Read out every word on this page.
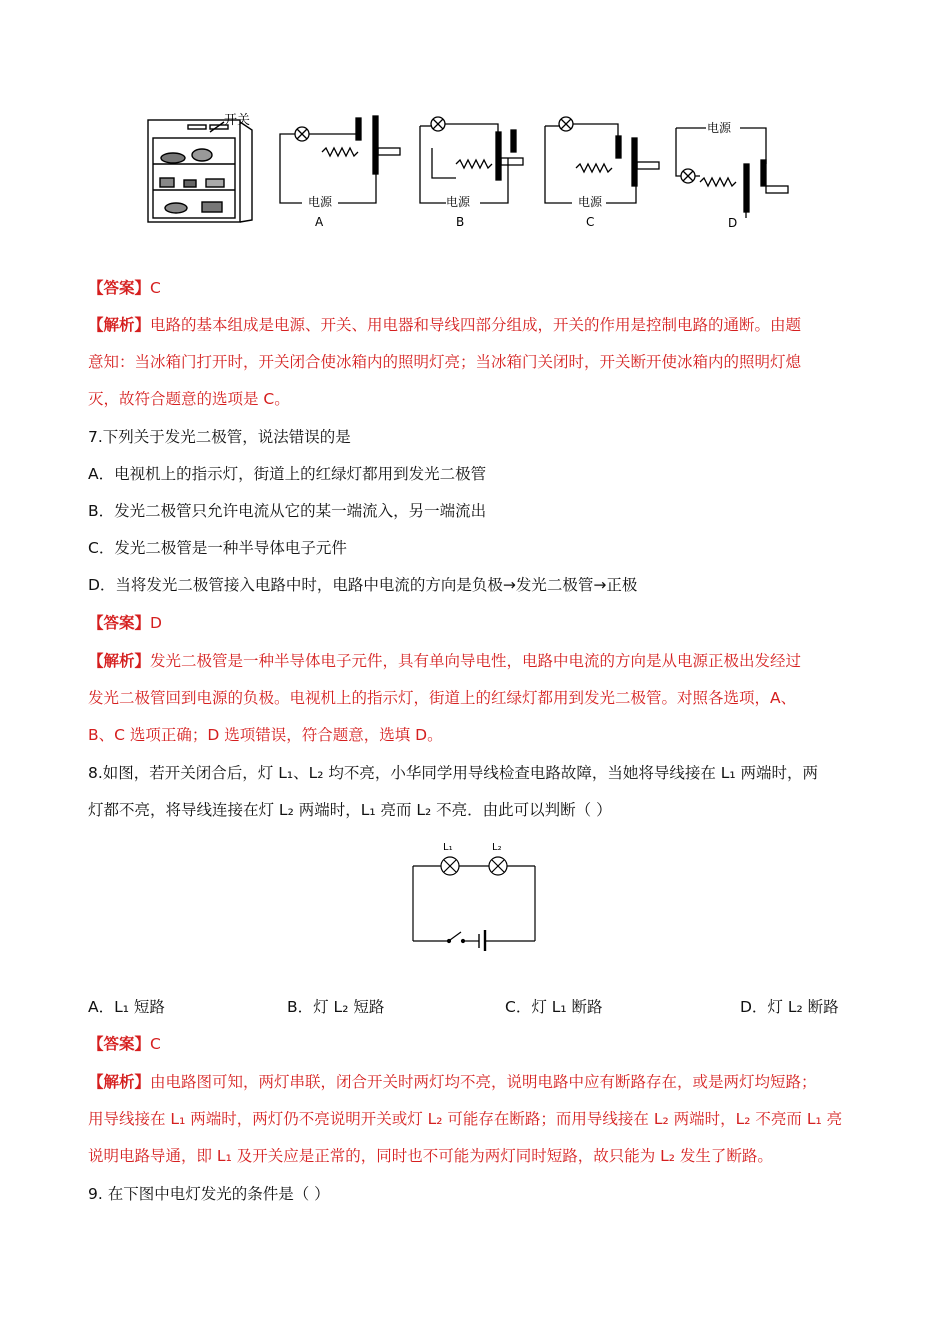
开关
电源
A
电源
B
电源
C
电源
D
【答案】C
【解析】电路的基本组成是电源、开关、用电器和导线四部分组成，开关的作用是控制电路的通断。由题
意知：当冰箱门打开时，开关闭合使冰箱内的照明灯亮；当冰箱门关闭时，开关断开使冰箱内的照明灯熄
灭，故符合题意的选项是 C。
7.下列关于发光二极管，说法错误的是
A．电视机上的指示灯，街道上的红绿灯都用到发光二极管
B．发光二极管只允许电流从它的某一端流入，另一端流出
C．发光二极管是一种半导体电子元件
D．当将发光二极管接入电路中时，电路中电流的方向是负极→发光二极管→正极
【答案】D
【解析】发光二极管是一种半导体电子元件，具有单向导电性，电路中电流的方向是从电源正极出发经过
发光二极管回到电源的负极。电视机上的指示灯，街道上的红绿灯都用到发光二极管。对照各选项，A、
B、C 选项正确；D 选项错误，符合题意，选填 D。
8.如图，若开关闭合后，灯 L₁、L₂ 均不亮，小华同学用导线检查电路故障，当她将导线接在 L₁ 两端时，两
灯都不亮，将导线连接在灯 L₂ 两端时，L₁ 亮而 L₂ 不亮．由此可以判断（ ）
L₁	L₂
A．L₁ 短路	B．灯 L₂ 短路	C．灯 L₁ 断路	D．灯 L₂ 断路
【答案】C
【解析】由电路图可知，两灯串联，闭合开关时两灯均不亮，说明电路中应有断路存在，或是两灯均短路；
用导线接在 L₁ 两端时，两灯仍不亮说明开关或灯 L₂ 可能存在断路；而用导线接在 L₂ 两端时，L₂ 不亮而 L₁ 亮
说明电路导通，即 L₁ 及开关应是正常的，同时也不可能为两灯同时短路，故只能为 L₂ 发生了断路。
9. 在下图中电灯发光的条件是（ ）
